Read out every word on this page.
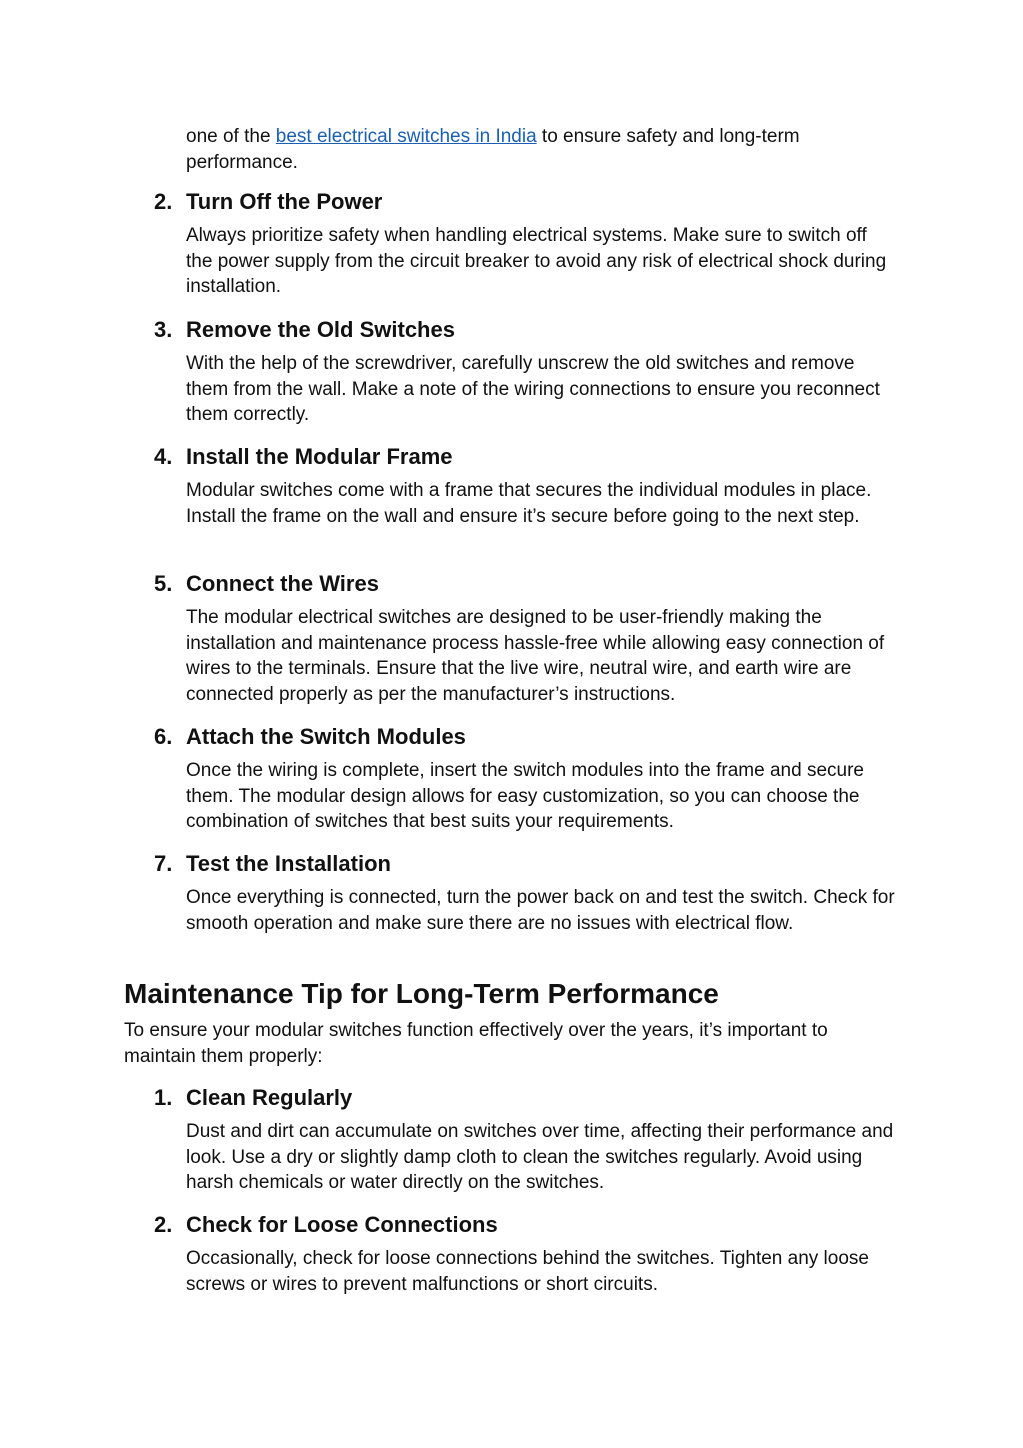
one of the best electrical switches in India to ensure safety and long-term performance.

2. Turn Off the Power

Always prioritize safety when handling electrical systems. Make sure to switch off the power supply from the circuit breaker to avoid any risk of electrical shock during installation.

3. Remove the Old Switches

With the help of the screwdriver, carefully unscrew the old switches and remove them from the wall. Make a note of the wiring connections to ensure you reconnect them correctly.

4. Install the Modular Frame

Modular switches come with a frame that secures the individual modules in place. Install the frame on the wall and ensure it’s secure before going to the next step.

5. Connect the Wires

The modular electrical switches are designed to be user-friendly making the installation and maintenance process hassle-free while allowing easy connection of wires to the terminals. Ensure that the live wire, neutral wire, and earth wire are connected properly as per the manufacturer’s instructions.

6. Attach the Switch Modules

Once the wiring is complete, insert the switch modules into the frame and secure them. The modular design allows for easy customization, so you can choose the combination of switches that best suits your requirements.

7. Test the Installation

Once everything is connected, turn the power back on and test the switch. Check for smooth operation and make sure there are no issues with electrical flow.

Maintenance Tip for Long-Term Performance

To ensure your modular switches function effectively over the years, it’s important to maintain them properly:

1. Clean Regularly

Dust and dirt can accumulate on switches over time, affecting their performance and look. Use a dry or slightly damp cloth to clean the switches regularly. Avoid using harsh chemicals or water directly on the switches.

2. Check for Loose Connections

Occasionally, check for loose connections behind the switches. Tighten any loose screws or wires to prevent malfunctions or short circuits.
